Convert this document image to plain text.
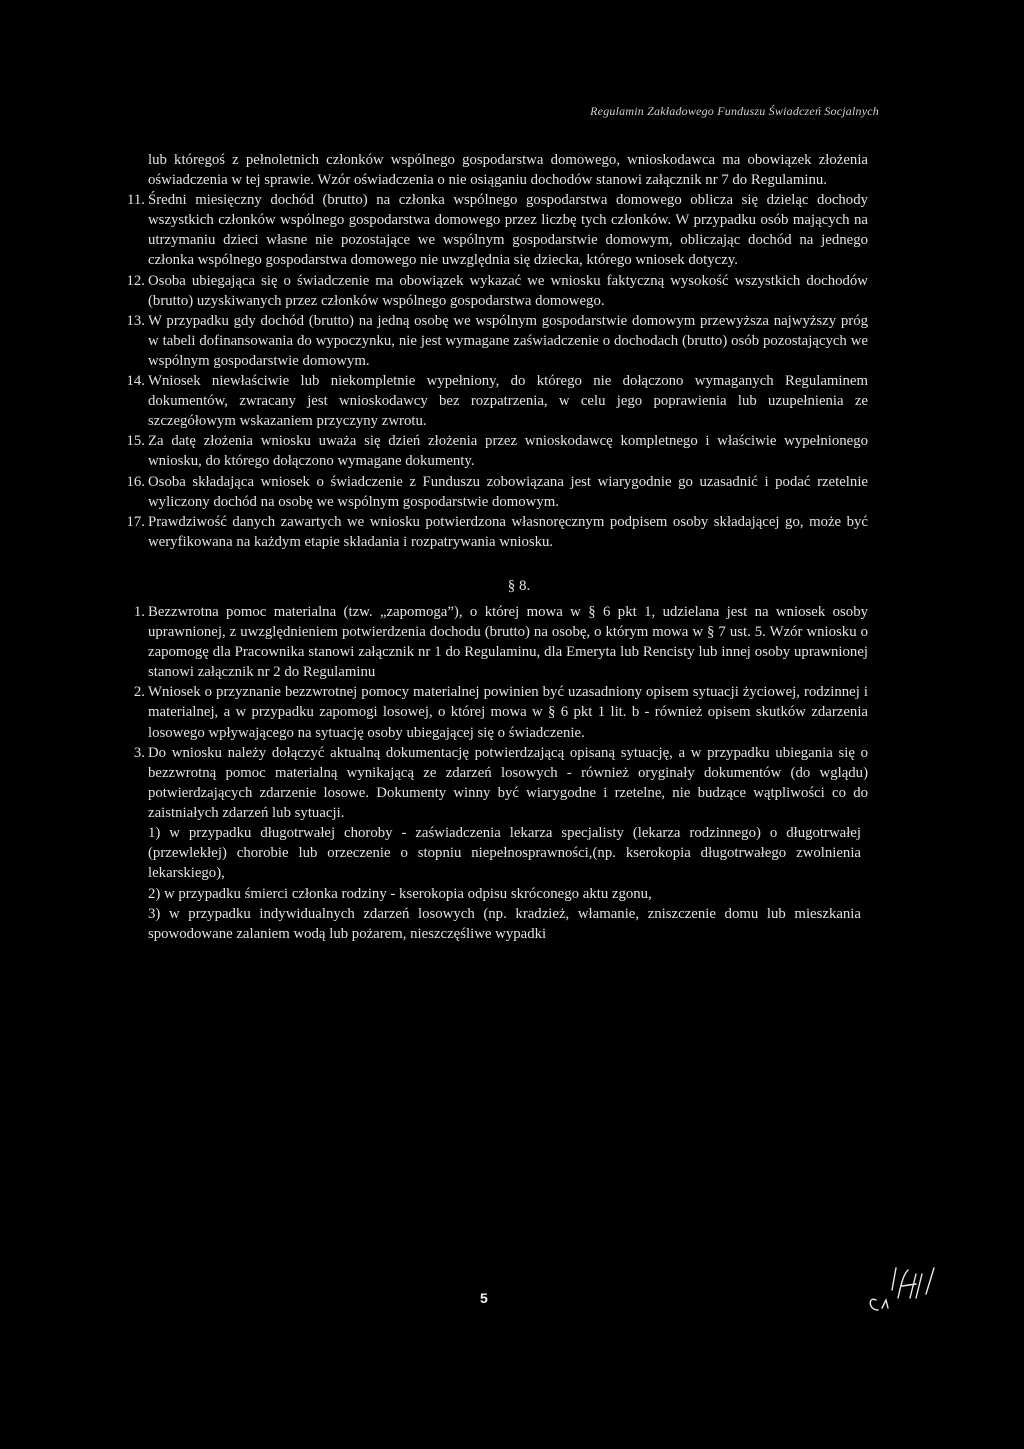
Regulamin Zakładowego Funduszu Świadczeń Socjalnych

lub któregoś z pełnoletnich członków wspólnego gospodarstwa domowego, wnioskodawca ma obowiązek złożenia oświadczenia w tej sprawie. Wzór oświadczenia o nie osiąganiu dochodów stanowi załącznik nr 7 do Regulaminu.

11. Średni miesięczny dochód (brutto) na członka wspólnego gospodarstwa domowego oblicza się dzieląc dochody wszystkich członków wspólnego gospodarstwa domowego przez liczbę tych członków. W przypadku osób mających na utrzymaniu dzieci własne nie pozostające we wspólnym gospodarstwie domowym, obliczając dochód na jednego członka wspólnego gospodarstwa domowego nie uwzględnia się dziecka, którego wniosek dotyczy.
12. Osoba ubiegająca się o świadczenie ma obowiązek wykazać we wniosku faktyczną wysokość wszystkich dochodów (brutto) uzyskiwanych przez członków wspólnego gospodarstwa domowego.
13. W przypadku gdy dochód (brutto) na jedną osobę we wspólnym gospodarstwie domowym przewyższa najwyższy próg w tabeli dofinansowania do wypoczynku, nie jest wymagane zaświadczenie o dochodach (brutto) osób pozostających we wspólnym gospodarstwie domowym.
14. Wniosek niewłaściwie lub niekompletnie wypełniony, do którego nie dołączono wymaganych Regulaminem dokumentów, zwracany jest wnioskodawcy bez rozpatrzenia, w celu jego poprawienia lub uzupełnienia ze szczegółowym wskazaniem przyczyny zwrotu.
15. Za datę złożenia wniosku uważa się dzień złożenia przez wnioskodawcę kompletnego i właściwie wypełnionego wniosku, do którego dołączono wymagane dokumenty.
16. Osoba składająca wniosek o świadczenie z Funduszu zobowiązana jest wiarygodnie go uzasadnić i podać rzetelnie wyliczony dochód na osobę we wspólnym gospodarstwie domowym.
17. Prawdziwość danych zawartych we wniosku potwierdzona własnoręcznym podpisem osoby składającej go, może być weryfikowana na każdym etapie składania i rozpatrywania wniosku.
§ 8.
1. Bezzwrotna pomoc materialna (tzw. „zapomoga”), o której mowa w § 6 pkt 1, udzielana jest na wniosek osoby uprawnionej, z uwzględnieniem potwierdzenia dochodu (brutto) na osobę, o którym mowa w § 7 ust. 5. Wzór wniosku o zapomogę dla Pracownika stanowi załącznik nr 1 do Regulaminu, dla Emeryta lub Rencisty lub innej osoby uprawnionej stanowi załącznik nr 2 do Regulaminu
2. Wniosek o przyznanie bezzwrotnej pomocy materialnej powinien być uzasadniony opisem sytuacji życiowej, rodzinnej i materialnej, a w przypadku zapomogi losowej, o której mowa w § 6 pkt 1 lit. b - również opisem skutków zdarzenia losowego wpływającego na sytuację osoby ubiegającej się o świadczenie.
3. Do wniosku należy dołączyć aktualną dokumentację potwierdzającą opisaną sytuację, a w przypadku ubiegania się o bezzwrotną pomoc materialną wynikającą ze zdarzeń losowych - również oryginały dokumentów (do wglądu) potwierdzających zdarzenie losowe. Dokumenty winny być wiarygodne i rzetelne, nie budzące wątpliwości co do zaistniałych zdarzeń lub sytuacji.

1) w przypadku długotrwałej choroby - zaświadczenia lekarza specjalisty (lekarza rodzinnego) o długotrwałej (przewlekłej) chorobie lub orzeczenie o stopniu niepełnosprawności,(np. kserokopia długotrwałego zwolnienia lekarskiego),

2) w przypadku śmierci członka rodziny - kserokopia odpisu skróconego aktu zgonu,

3) w przypadku indywidualnych zdarzeń losowych (np. kradzież, włamanie, zniszczenie domu lub mieszkania spowodowane zalaniem wodą lub pożarem, nieszczęśliwe wypadki

5
